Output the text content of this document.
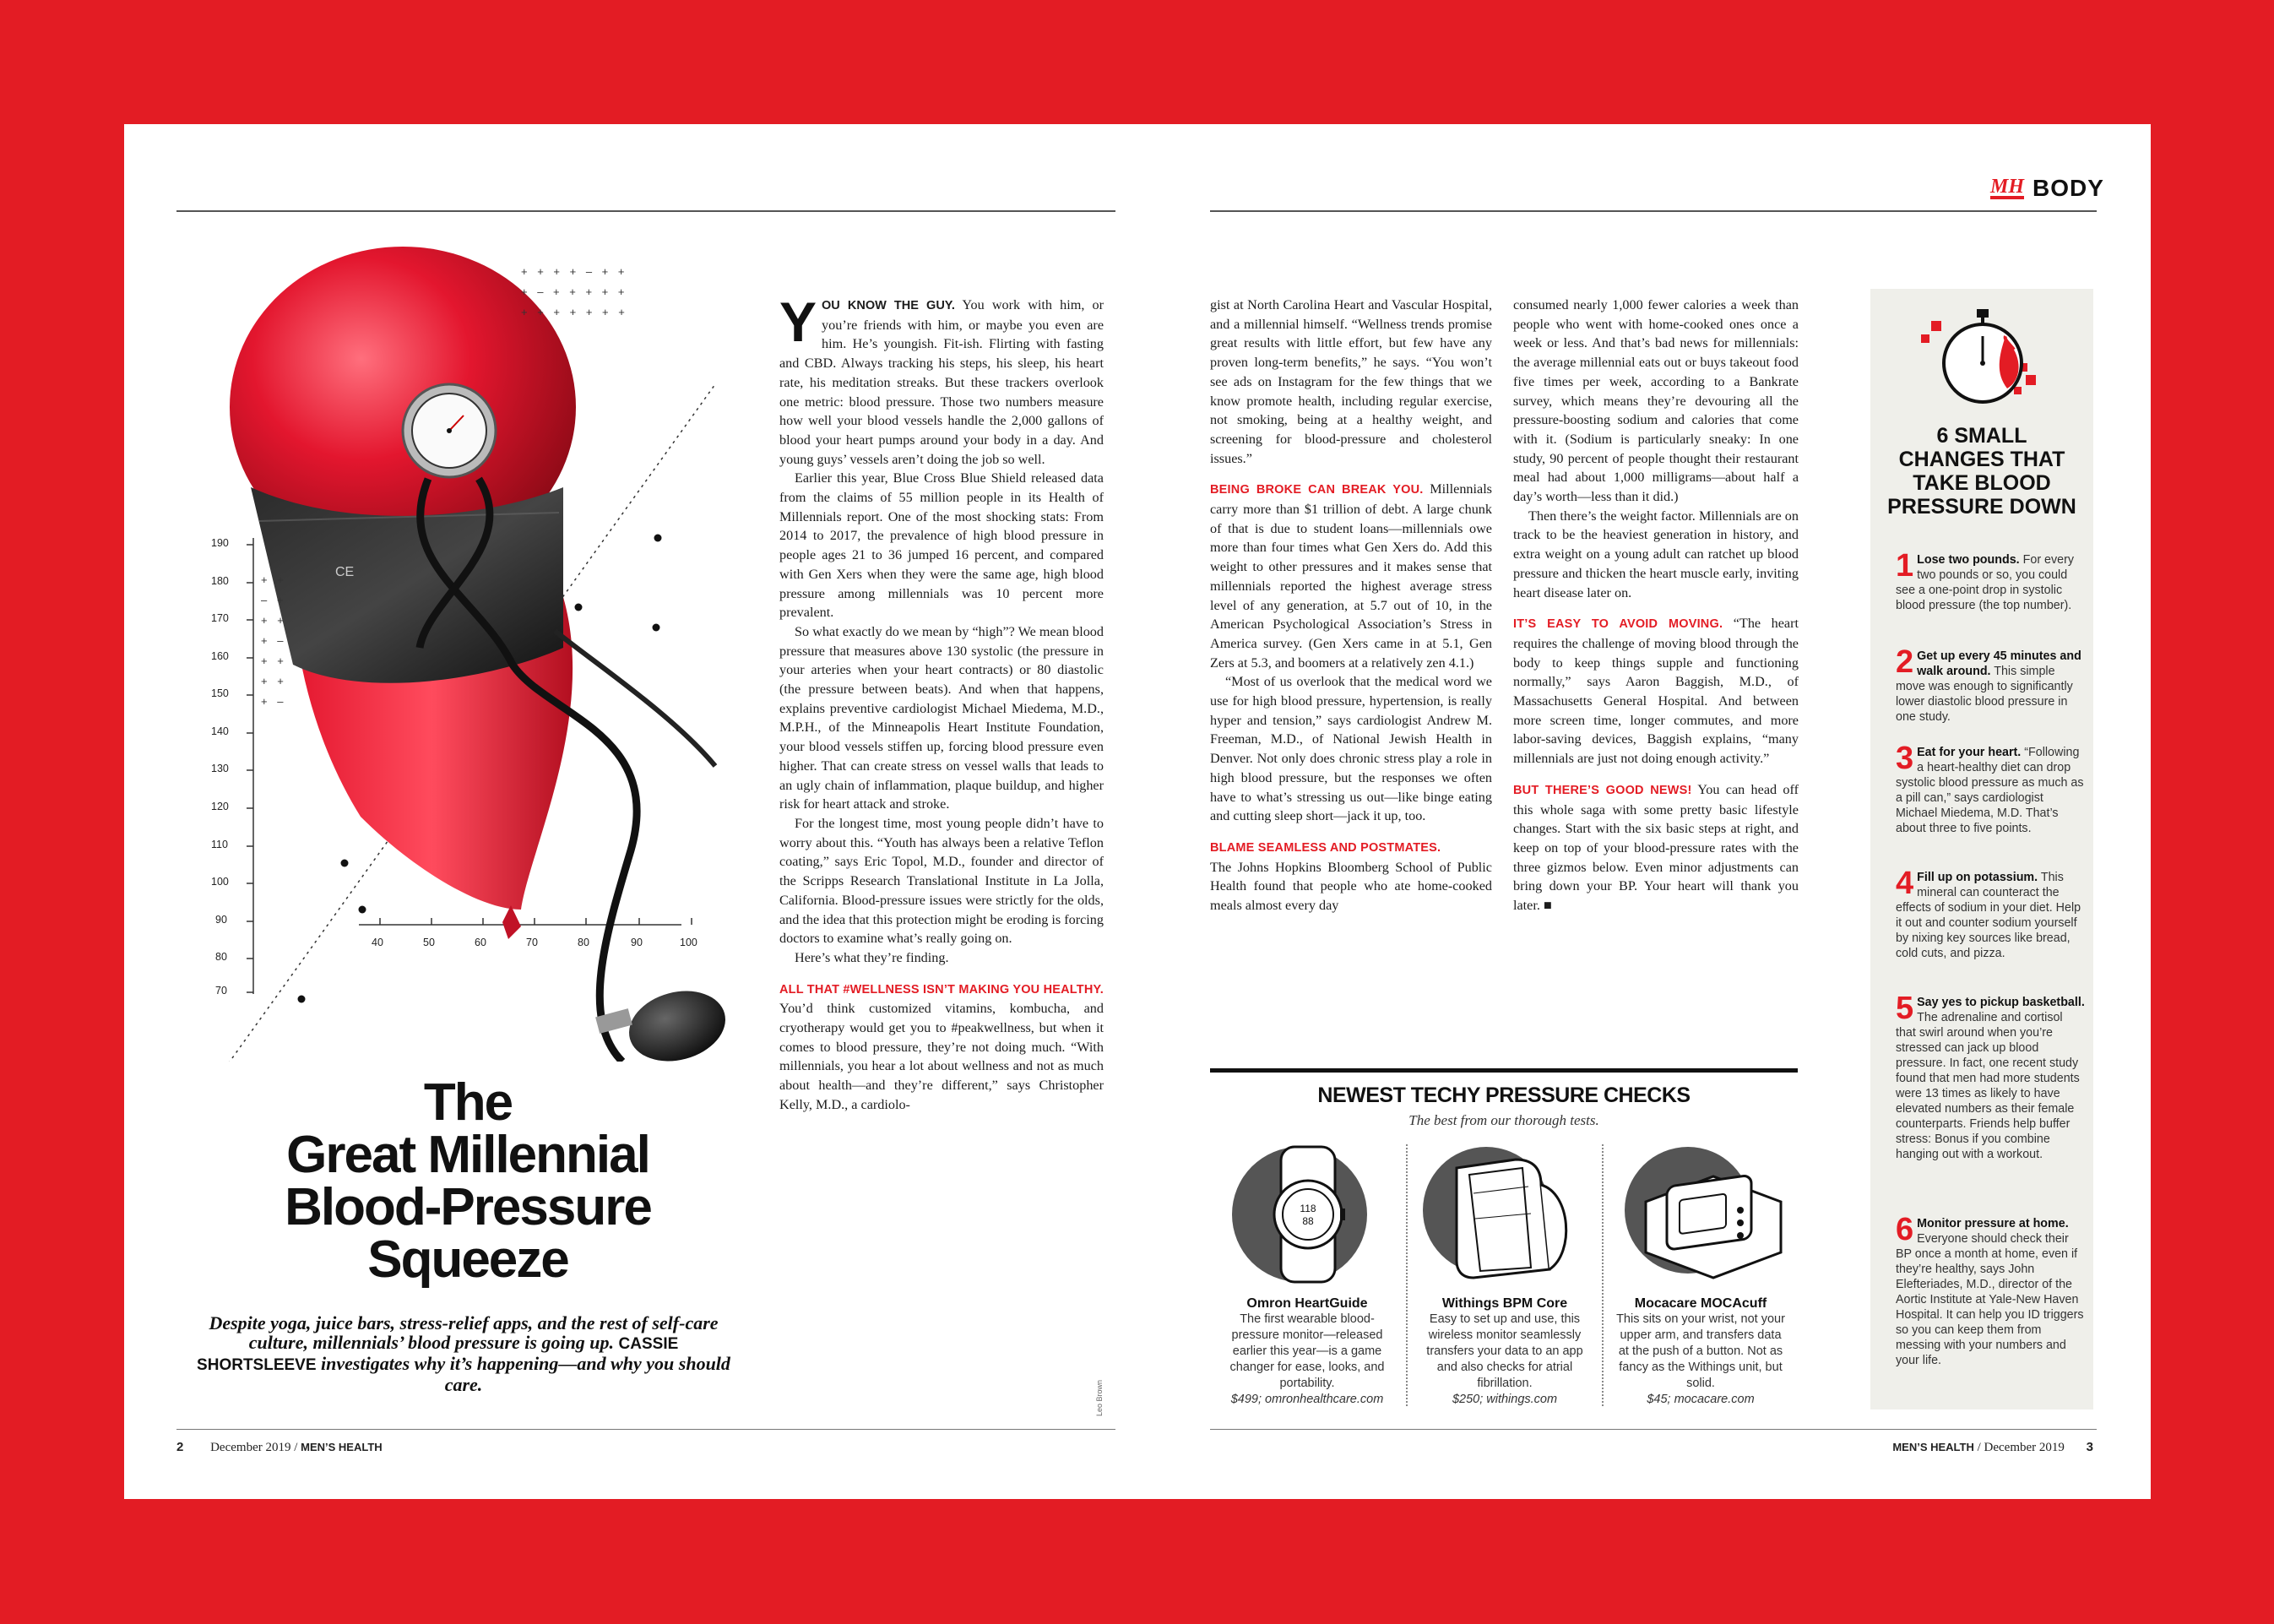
MH BODY
CE
190
180
170
160
150
140
130
120
110
100
90
80
70
40	50	60	70	80	90	100
+ + + + – + +
+ – + + + + +
+ + + + + + +
+ +
– +
+ +
+ –
+ +
+ +
+ –
The
Great Millennial
Blood-Pressure
Squeeze
Despite yoga, juice bars, stress-relief apps, and the rest of self-care culture, millennials’ blood pressure is going up. CASSIE SHORTSLEEVE investigates why it’s happening—and why you should care.	Leo Brown

YOU KNOW THE GUY. You work with him, or you’re friends with him, or maybe you even are him. He’s youngish. Fit-ish. Flirting with fasting and CBD. Always tracking his steps, his sleep, his heart rate, his meditation streaks. But these trackers overlook one metric: blood pressure. Those two numbers measure how well your blood vessels handle the 2,000 gallons of blood your heart pumps around your body in a day. And young guys’ vessels aren’t doing the job so well.

Earlier this year, Blue Cross Blue Shield released data from the claims of 55 million people in its Health of Millennials report. One of the most shocking stats: From 2014 to 2017, the prevalence of high blood pressure in people ages 21 to 36 jumped 16 percent, and compared with Gen Xers when they were the same age, high blood pressure among millennials was 10 percent more prevalent.

So what exactly do we mean by “high”? We mean blood pressure that measures above 130 systolic (the pressure in your arteries when your heart contracts) or 80 diastolic (the pressure between beats). And when that happens, explains preventive cardiologist Michael Miedema, M.D., M.P.H., of the Minneapolis Heart Institute Foundation, your blood vessels stiffen up, forcing blood pressure even higher. That can create stress on vessel walls that leads to an ugly chain of inflammation, plaque buildup, and higher risk for heart attack and stroke.

For the longest time, most young people didn’t have to worry about this. “Youth has always been a relative Teflon coating,” says Eric Topol, M.D., founder and director of the Scripps Research Translational Institute in La Jolla, California. Blood-pressure issues were strictly for the olds, and the idea that this protection might be eroding is forcing doctors to examine what’s really going on.

Here’s what they’re finding.

ALL THAT #WELLNESS ISN’T MAKING YOU HEALTHY. You’d think customized vitamins, kombucha, and cryotherapy would get you to #peakwellness, but when it comes to blood pressure, they’re not doing much. “With millennials, you hear a lot about wellness and not as much about health—and they’re different,” says Christopher Kelly, M.D., a cardiolo-

gist at North Carolina Heart and Vascular Hospital, and a millennial himself. “Wellness trends promise great results with little effort, but few have any proven long-term benefits,” he says. “You won’t see ads on Instagram for the few things that we know promote health, including regular exercise, not smoking, being at a healthy weight, and screening for blood-pressure and cholesterol issues.”

BEING BROKE CAN BREAK YOU. Millennials carry more than $1 trillion of debt. A large chunk of that is due to student loans—millennials owe more than four times what Gen Xers do. Add this weight to other pressures and it makes sense that millennials reported the highest average stress level of any generation, at 5.7 out of 10, in the American Psychological Association’s Stress in America survey. (Gen Xers came in at 5.1, Gen Zers at 5.3, and boomers at a relatively zen 4.1.)

“Most of us overlook that the medical word we use for high blood pressure, hypertension, is really hyper and tension,” says cardiologist Andrew M. Freeman, M.D., of National Jewish Health in Denver. Not only does chronic stress play a role in high blood pressure, but the responses we often have to what’s stressing us out—like binge eating and cutting sleep short—jack it up, too.

BLAME SEAMLESS AND POSTMATES.

The Johns Hopkins Bloomberg School of Public Health found that people who ate home-cooked meals almost every day

consumed nearly 1,000 fewer calories a week than people who went with home-cooked ones once a week or less. And that’s bad news for millennials: the average millennial eats out or buys takeout food five times per week, according to a Bankrate survey, which means they’re devouring all the pressure-boosting sodium and calories that come with it. (Sodium is particularly sneaky: In one study, 90 percent of people thought their restaurant meal had about 1,000 milligrams—about half a day’s worth—less than it did.)

Then there’s the weight factor. Millennials are on track to be the heaviest generation in history, and extra weight on a young adult can ratchet up blood pressure and thicken the heart muscle early, inviting heart disease later on.

IT’S EASY TO AVOID MOVING. “The heart requires the challenge of moving blood through the body to keep things supple and functioning normally,” says Aaron Baggish, M.D., of Massachusetts General Hospital. And between more screen time, longer commutes, and more labor-saving devices, Baggish explains, “many millennials are just not doing enough activity.”

BUT THERE’S GOOD NEWS! You can head off this whole saga with some pretty basic lifestyle changes. Start with the six basic steps at right, and keep on top of your blood-pressure rates with the three gizmos below. Even minor adjustments can bring down your BP. Your heart will thank you later. ■

NEWEST TECHY PRESSURE CHECKS
The best from our thorough tests.
118
88
Omron HeartGuide
The first wearable blood-pressure monitor—released earlier this year—is a game changer for ease, looks, and portability.
$499; omronhealthcare.com
Withings BPM Core
Easy to set up and use, this wireless monitor seamlessly transfers your data to an app and also checks for atrial fibrillation.
$250; withings.com
Mocacare MOCAcuff
This sits on your wrist, not your upper arm, and transfers data at the push of a button. Not as fancy as the Withings unit, but solid.
$45; mocacare.com
6 SMALL CHANGES THAT TAKE BLOOD PRESSURE DOWN
1 Lose two pounds. For every two pounds or so, you could see a one-point drop in systolic blood pressure (the top number).
2 Get up every 45 minutes and walk around. This simple move was enough to significantly lower diastolic blood pressure in one study.
3 Eat for your heart. “Following a heart-healthy diet can drop systolic blood pressure as much as a pill can,” says cardiologist Michael Miedema, M.D. That’s about three to five points.
4 Fill up on potassium. This mineral can counteract the effects of sodium in your diet. Help it out and counter sodium yourself by nixing key sources like bread, cold cuts, and pizza.
5 Say yes to pickup basketball. The adrenaline and cortisol that swirl around when you’re stressed can jack up blood pressure. In fact, one recent study found that men had more students were 13 times as likely to have elevated numbers as their female counterparts. Friends help buffer stress: Bonus if you combine hanging out with a workout.
6 Monitor pressure at home. Everyone should check their BP once a month at home, even if they’re healthy, says John Elefteriades, M.D., director of the Aortic Institute at Yale-New Haven Hospital. It can help you ID triggers so you can keep them from messing with your numbers and your life.
2 December 2019 / MEN’S HEALTH	MEN’S HEALTH / December 2019 3
